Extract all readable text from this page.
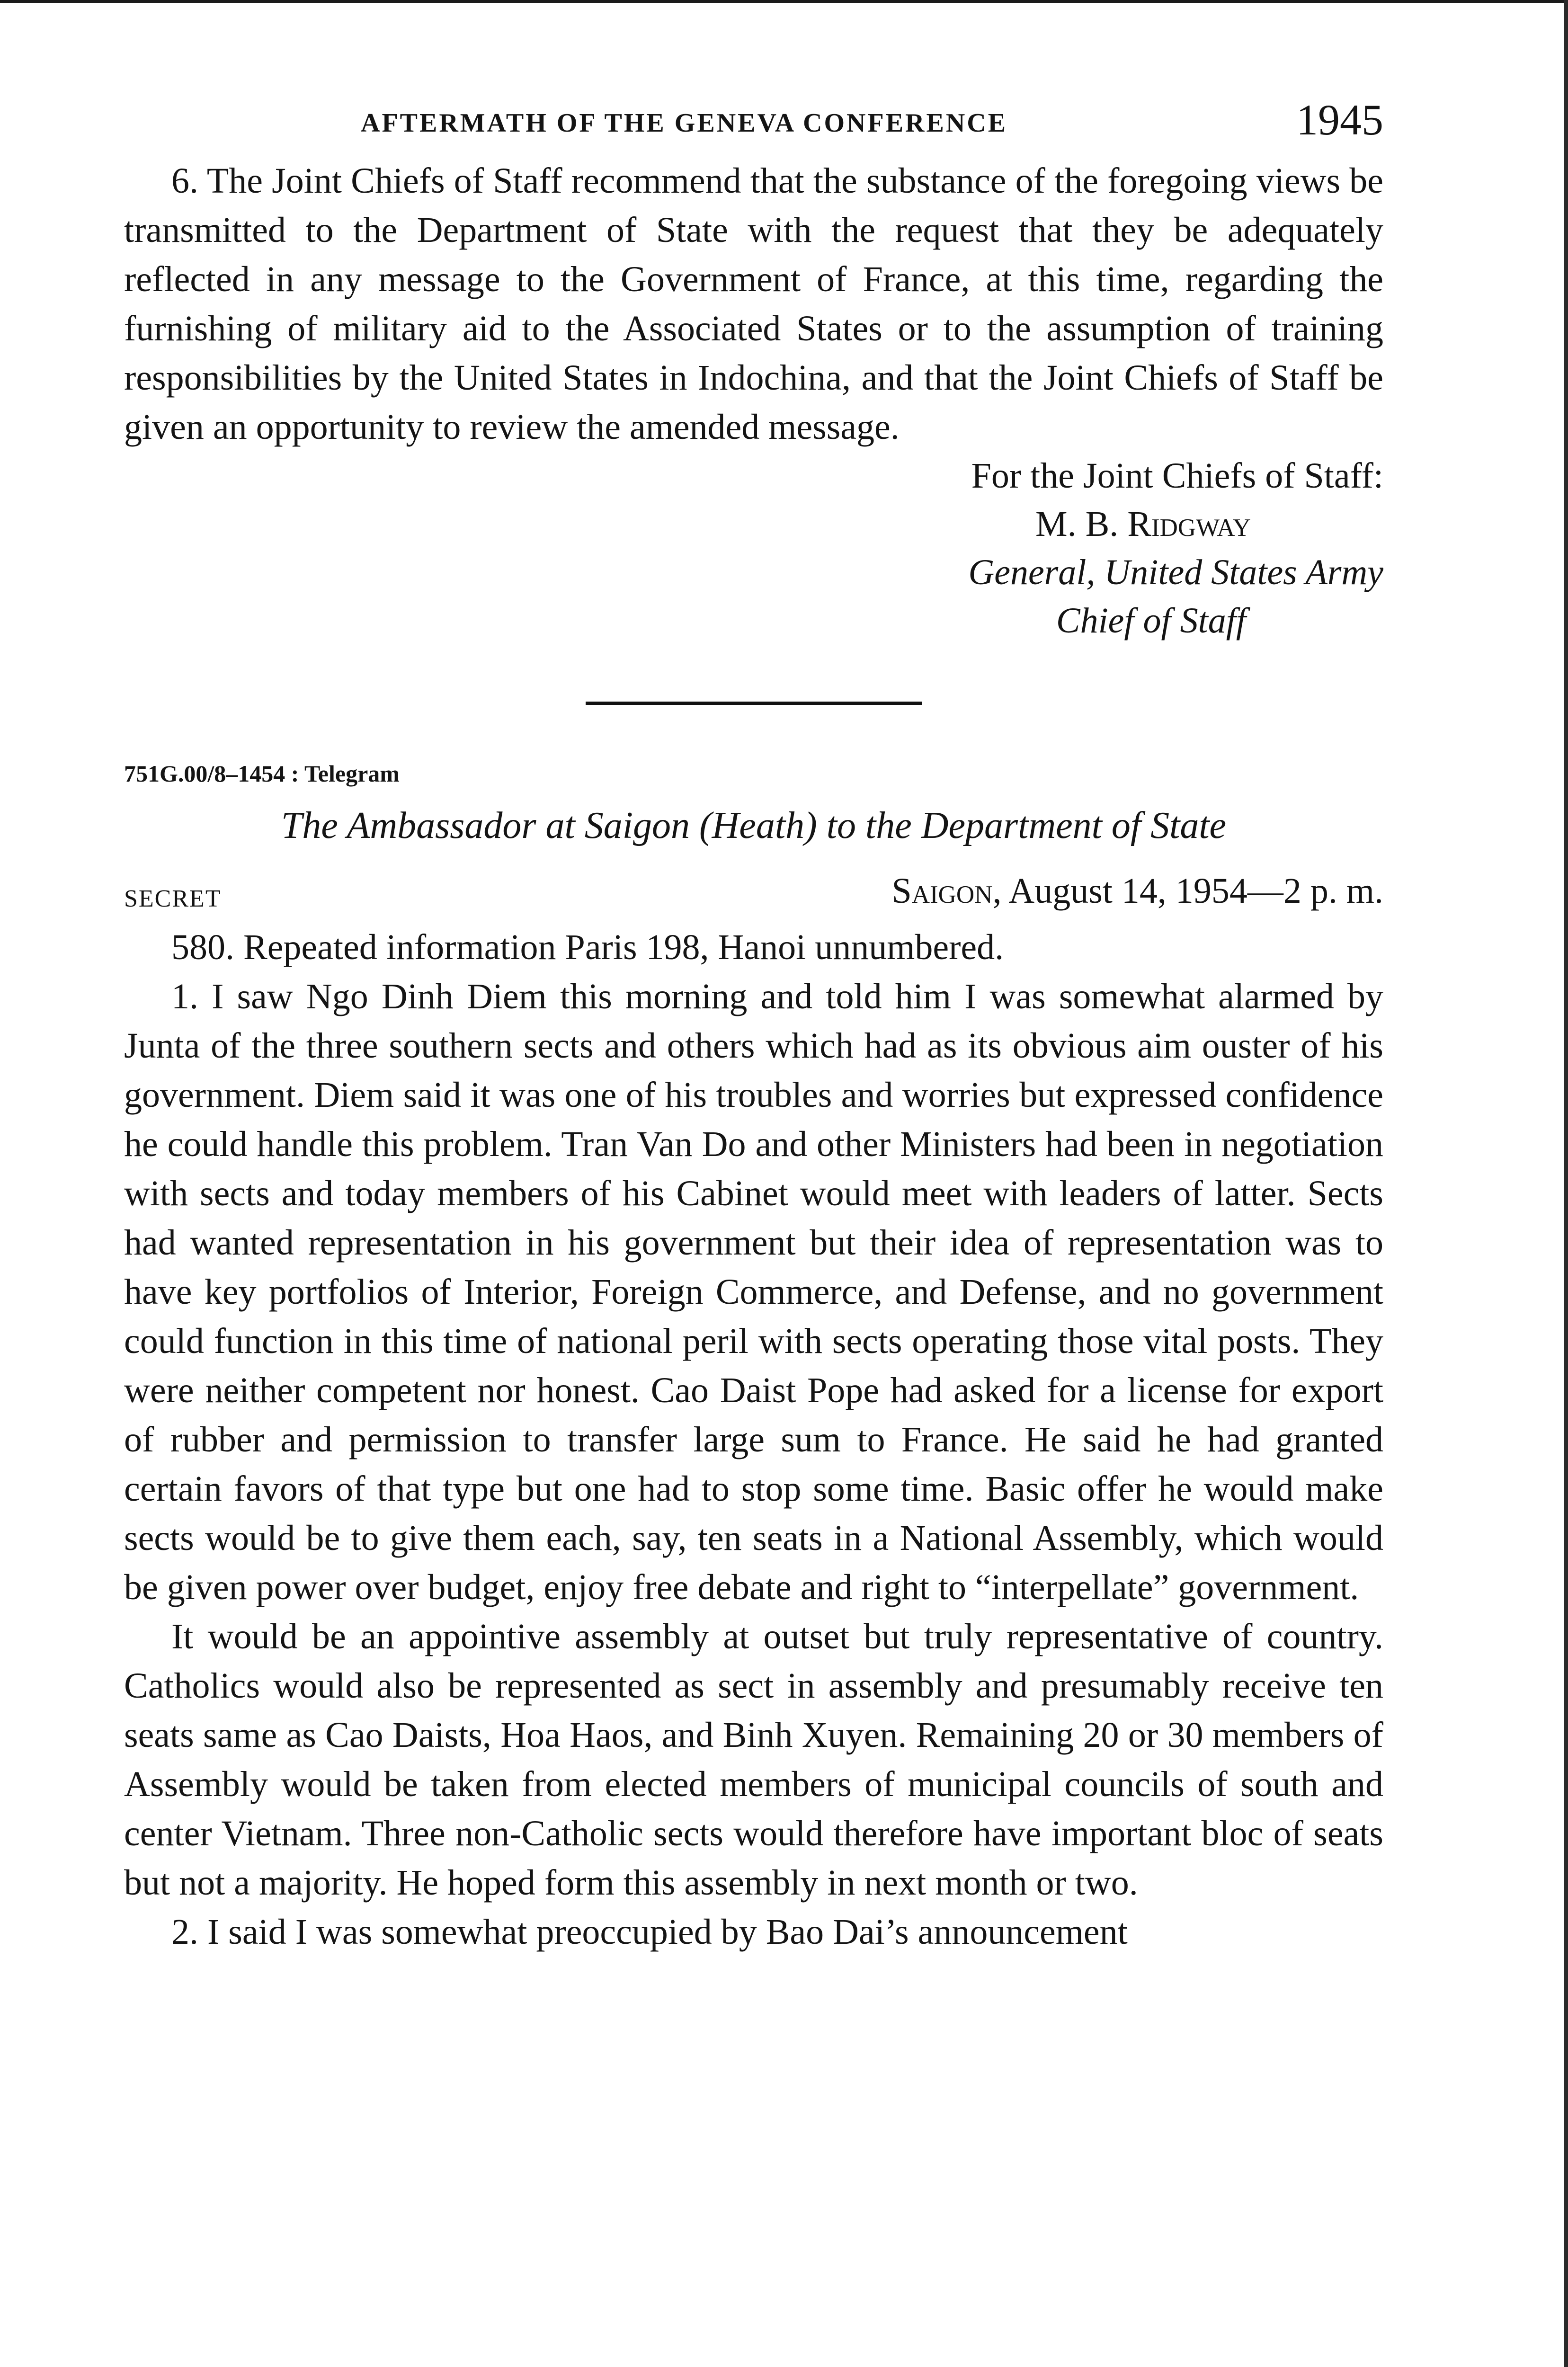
AFTERMATH OF THE GENEVA CONFERENCE	1945

6. The Joint Chiefs of Staff recommend that the substance of the foregoing views be transmitted to the Department of State with the request that they be adequately reflected in any message to the Government of France, at this time, regarding the furnishing of military aid to the Associated States or to the assumption of training responsibilities by the United States in Indochina, and that the Joint Chiefs of Staff be given an opportunity to review the amended message.

For the Joint Chiefs of Staff:
M. B. Ridgway
General, United States Army
Chief of Staff
751G.00/8–1454 : Telegram
The Ambassador at Saigon (Heath) to the Department of State
SECRET	Saigon, August 14, 1954—2 p. m.

580. Repeated information Paris 198, Hanoi unnumbered.

1. I saw Ngo Dinh Diem this morning and told him I was somewhat alarmed by Junta of the three southern sects and others which had as its obvious aim ouster of his government. Diem said it was one of his troubles and worries but expressed confidence he could handle this problem. Tran Van Do and other Ministers had been in negotiation with sects and today members of his Cabinet would meet with leaders of latter. Sects had wanted representation in his government but their idea of representation was to have key portfolios of Interior, Foreign Commerce, and Defense, and no government could function in this time of national peril with sects operating those vital posts. They were neither competent nor honest. Cao Daist Pope had asked for a license for export of rubber and permission to transfer large sum to France. He said he had granted certain favors of that type but one had to stop some time. Basic offer he would make sects would be to give them each, say, ten seats in a National Assembly, which would be given power over budget, enjoy free debate and right to “interpellate” government.

It would be an appointive assembly at outset but truly representative of country. Catholics would also be represented as sect in assembly and presumably receive ten seats same as Cao Daists, Hoa Haos, and Binh Xuyen. Remaining 20 or 30 members of Assembly would be taken from elected members of municipal councils of south and center Vietnam. Three non-Catholic sects would therefore have important bloc of seats but not a majority. He hoped form this assembly in next month or two.

2. I said I was somewhat preoccupied by Bao Dai’s announcement
